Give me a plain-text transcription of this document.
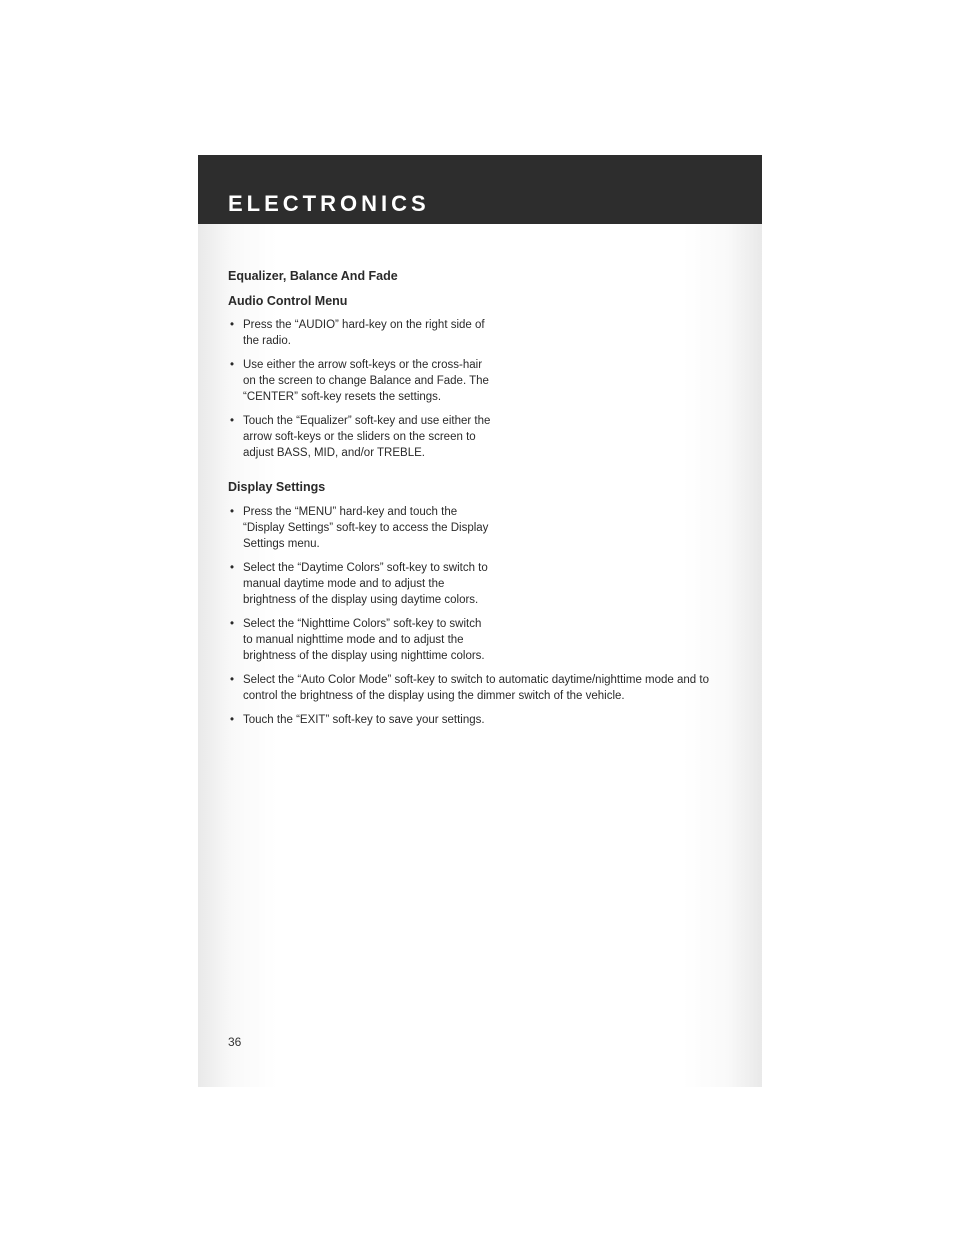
ELECTRONICS
Equalizer, Balance And Fade
Audio Control Menu
• Press the “AUDIO” hard-key on the right side of the radio.
• Use either the arrow soft-keys or the cross-hair on the screen to change Balance and Fade. The “CENTER” soft-key resets the settings.
• Touch the “Equalizer” soft-key and use either the arrow soft-keys or the sliders on the screen to adjust BASS, MID, and/or TREBLE.
Display Settings
• Press the “MENU” hard-key and touch the “Display Settings” soft-key to access the Display Settings menu.
• Select the “Daytime Colors” soft-key to switch to manual daytime mode and to adjust the brightness of the display using daytime colors.
• Select the “Nighttime Colors” soft-key to switch to manual nighttime mode and to adjust the brightness of the display using nighttime colors.
• Select the “Auto Color Mode” soft-key to switch to automatic daytime/nighttime mode and to control the brightness of the display using the dimmer switch of the vehicle.
• Touch the “EXIT” soft-key to save your settings.
36
